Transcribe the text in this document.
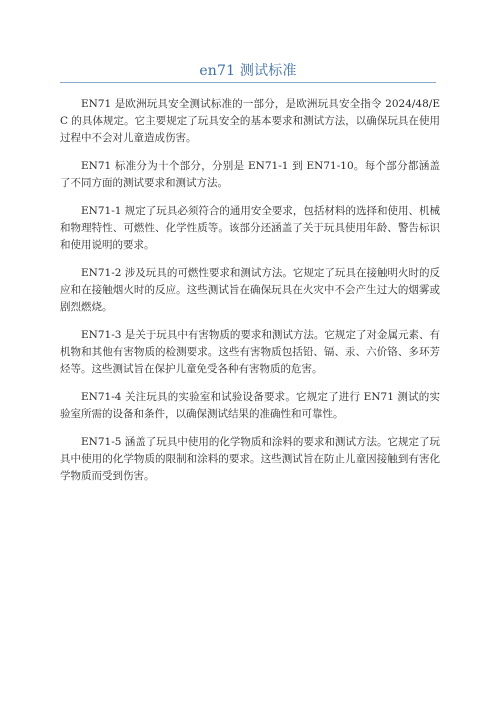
en71 测试标准

EN71 是欧洲玩具安全测试标准的一部分，是欧洲玩具安全指令 2024/48/EC 的具体规定。它主要规定了玩具安全的基本要求和测试方法，以确保玩具在使用过程中不会对儿童造成伤害。

EN71 标准分为十个部分，分别是 EN71-1 到 EN71-10。每个部分都涵盖了不同方面的测试要求和测试方法。

EN71-1 规定了玩具必须符合的通用安全要求，包括材料的选择和使用、机械和物理特性、可燃性、化学性质等。该部分还涵盖了关于玩具使用年龄、警告标识和使用说明的要求。

EN71-2 涉及玩具的可燃性要求和测试方法。它规定了玩具在接触明火时的反应和在接触烟火时的反应。这些测试旨在确保玩具在火灾中不会产生过大的烟雾或剧烈燃烧。

EN71-3 是关于玩具中有害物质的要求和测试方法。它规定了对金属元素、有机物和其他有害物质的检测要求。这些有害物质包括铅、镉、汞、六价铬、多环芳烃等。这些测试旨在保护儿童免受各种有害物质的危害。

EN71-4 关注玩具的实验室和试验设备要求。它规定了进行 EN71 测试的实验室所需的设备和条件，以确保测试结果的准确性和可靠性。

EN71-5 涵盖了玩具中使用的化学物质和涂料的要求和测试方法。它规定了玩具中使用的化学物质的限制和涂料的要求。这些测试旨在防止儿童因接触到有害化学物质而受到伤害。
